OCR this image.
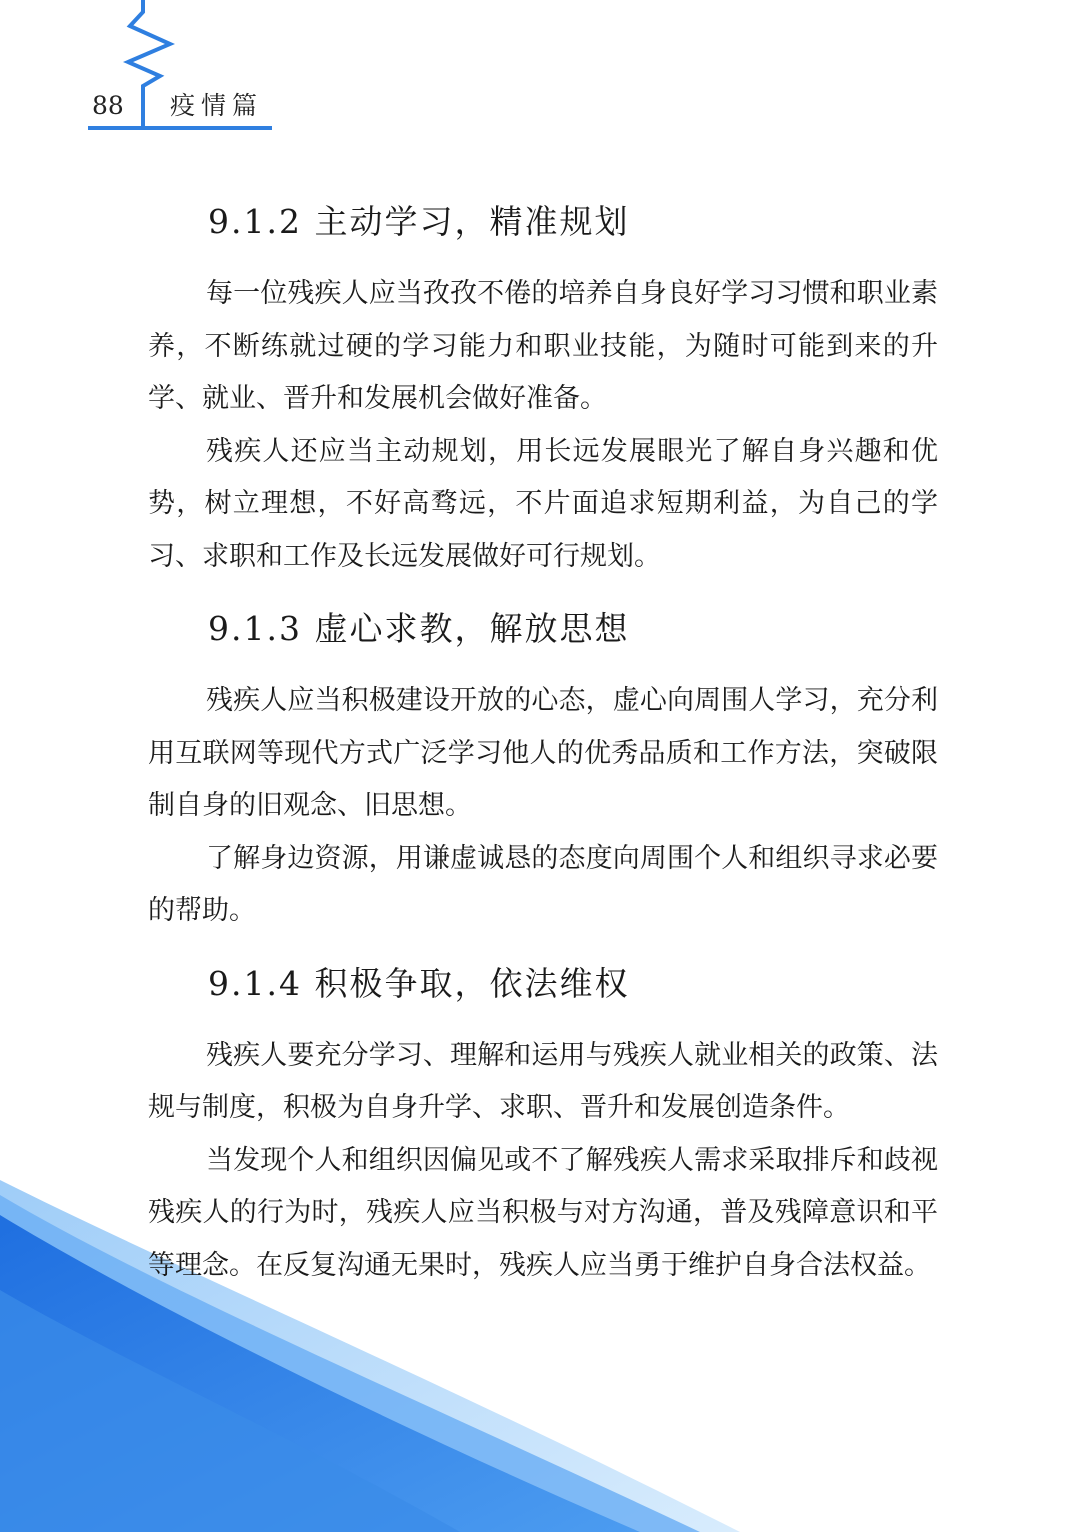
88 疫情篇
9.1.2 主动学习，精准规划

每一位残疾人应当孜孜不倦的培养自身良好学习习惯和职业素养，不断练就过硬的学习能力和职业技能，为随时可能到来的升学、就业、晋升和发展机会做好准备。

残疾人还应当主动规划，用长远发展眼光了解自身兴趣和优势，树立理想，不好高骛远，不片面追求短期利益，为自己的学习、求职和工作及长远发展做好可行规划。

9.1.3 虚心求教，解放思想

残疾人应当积极建设开放的心态，虚心向周围人学习，充分利用互联网等现代方式广泛学习他人的优秀品质和工作方法，突破限制自身的旧观念、旧思想。

了解身边资源，用谦虚诚恳的态度向周围个人和组织寻求必要的帮助。

9.1.4 积极争取，依法维权

残疾人要充分学习、理解和运用与残疾人就业相关的政策、法规与制度，积极为自身升学、求职、晋升和发展创造条件。

当发现个人和组织因偏见或不了解残疾人需求采取排斥和歧视残疾人的行为时，残疾人应当积极与对方沟通，普及残障意识和平等理念。在反复沟通无果时，残疾人应当勇于维护自身合法权益。
